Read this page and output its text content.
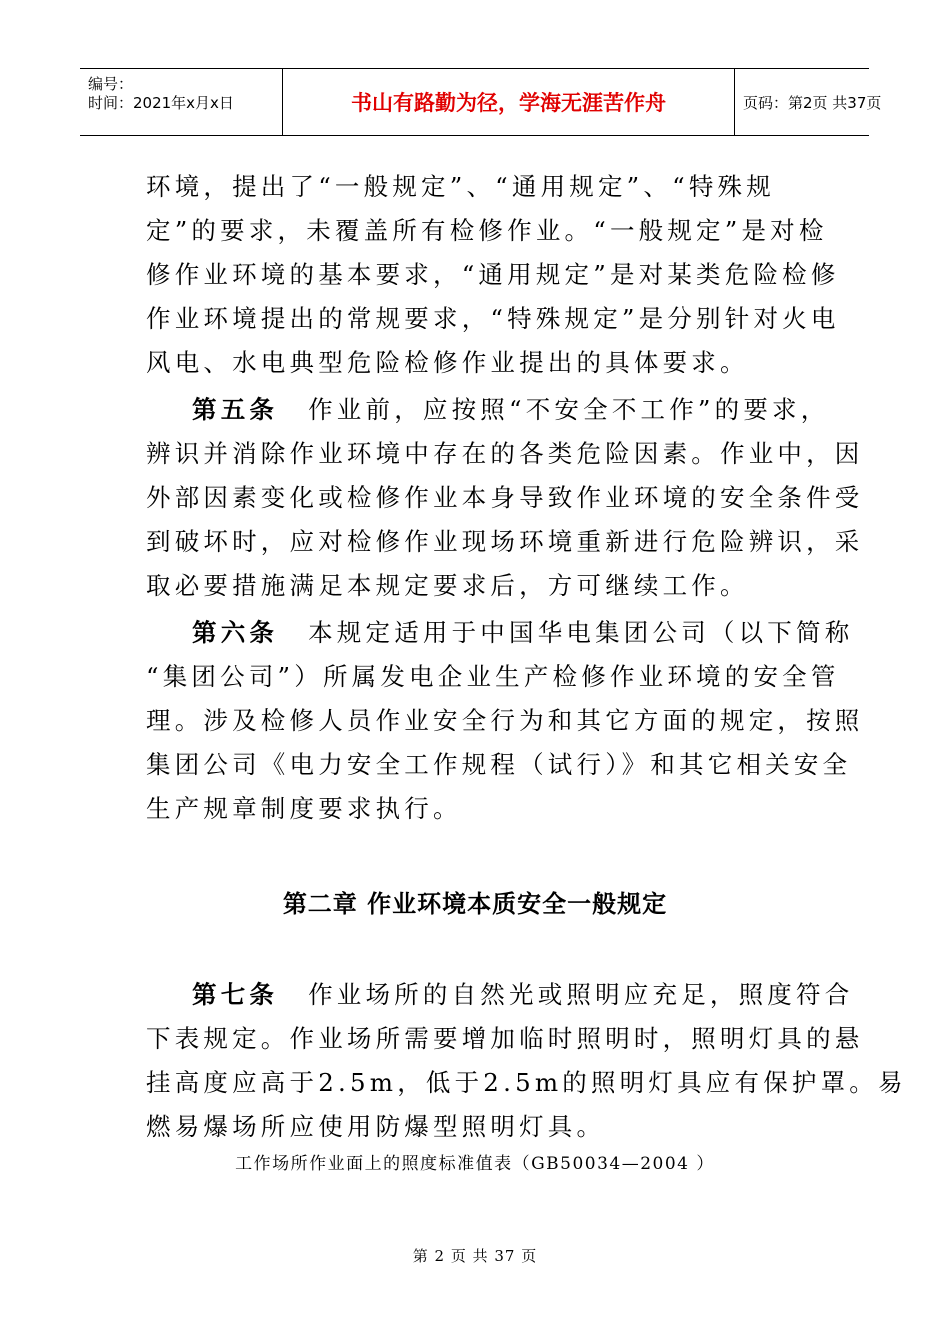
编号：
时间：2021年x月x日	书山有路勤为径，学海无涯苦作舟	页码：第2页 共37页
环境，提出了“一般规定”、“通用规定”、“特殊规
定”的要求，未覆盖所有检修作业。“一般规定”是对检
修作业环境的基本要求，“通用规定”是对某类危险检修
作业环境提出的常规要求，“特殊规定”是分别针对火电
风电、水电典型危险检修作业提出的具体要求。
第五条 作业前，应按照“不安全不工作”的要求，
辨识并消除作业环境中存在的各类危险因素。作业中，因
外部因素变化或检修作业本身导致作业环境的安全条件受
到破坏时，应对检修作业现场环境重新进行危险辨识，采
取必要措施满足本规定要求后，方可继续工作。
第六条 本规定适用于中国华电集团公司（以下简称
“集团公司”）所属发电企业生产检修作业环境的安全管
理。涉及检修人员作业安全行为和其它方面的规定，按照
集团公司《电力安全工作规程（试行）》和其它相关安全
生产规章制度要求执行。
第二章 作业环境本质安全一般规定
第七条 作业场所的自然光或照明应充足，照度符合
下表规定。作业场所需要增加临时照明时，照明灯具的悬
挂高度应高于2.5m，低于2.5m的照明灯具应有保护罩。易
燃易爆场所应使用防爆型照明灯具。
工作场所作业面上的照度标准值表（GB50034—2004 ）
第 2 页 共 37 页
